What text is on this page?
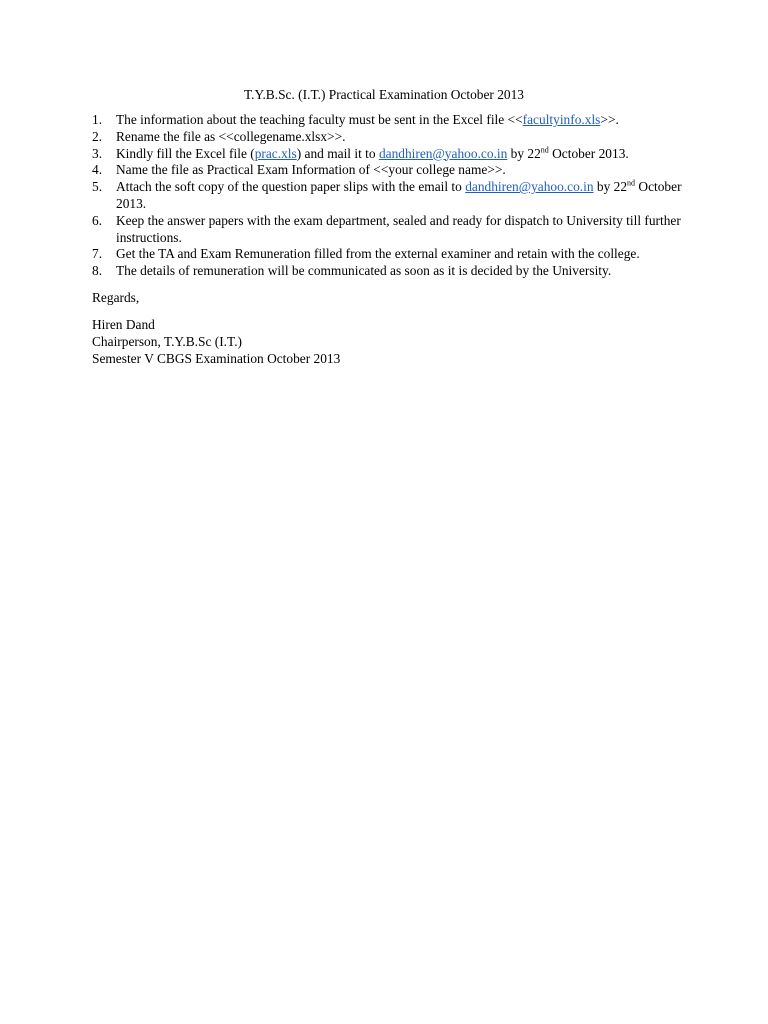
T.Y.B.Sc. (I.T.) Practical Examination October 2013

1.	The information about the teaching faculty must be sent in the Excel file <<facultyinfo.xls>>.
2.	Rename the file as <<collegename.xlsx>>.
3.	Kindly fill the Excel file (prac.xls) and mail it to dandhiren@yahoo.co.in by 22nd October 2013.
4.	Name the file as Practical Exam Information of <<your college name>>.
5.	Attach the soft copy of the question paper slips with the email to dandhiren@yahoo.co.in by 22nd October 2013.
6.	Keep the answer papers with the exam department, sealed and ready for dispatch to University till further instructions.
7.	Get the TA and Exam Remuneration filled from the external examiner and retain with the college.
8.	The details of remuneration will be communicated as soon as it is decided by the University.
Regards,
Hiren Dand
Chairperson, T.Y.B.Sc (I.T.)
Semester V CBGS Examination October 2013
